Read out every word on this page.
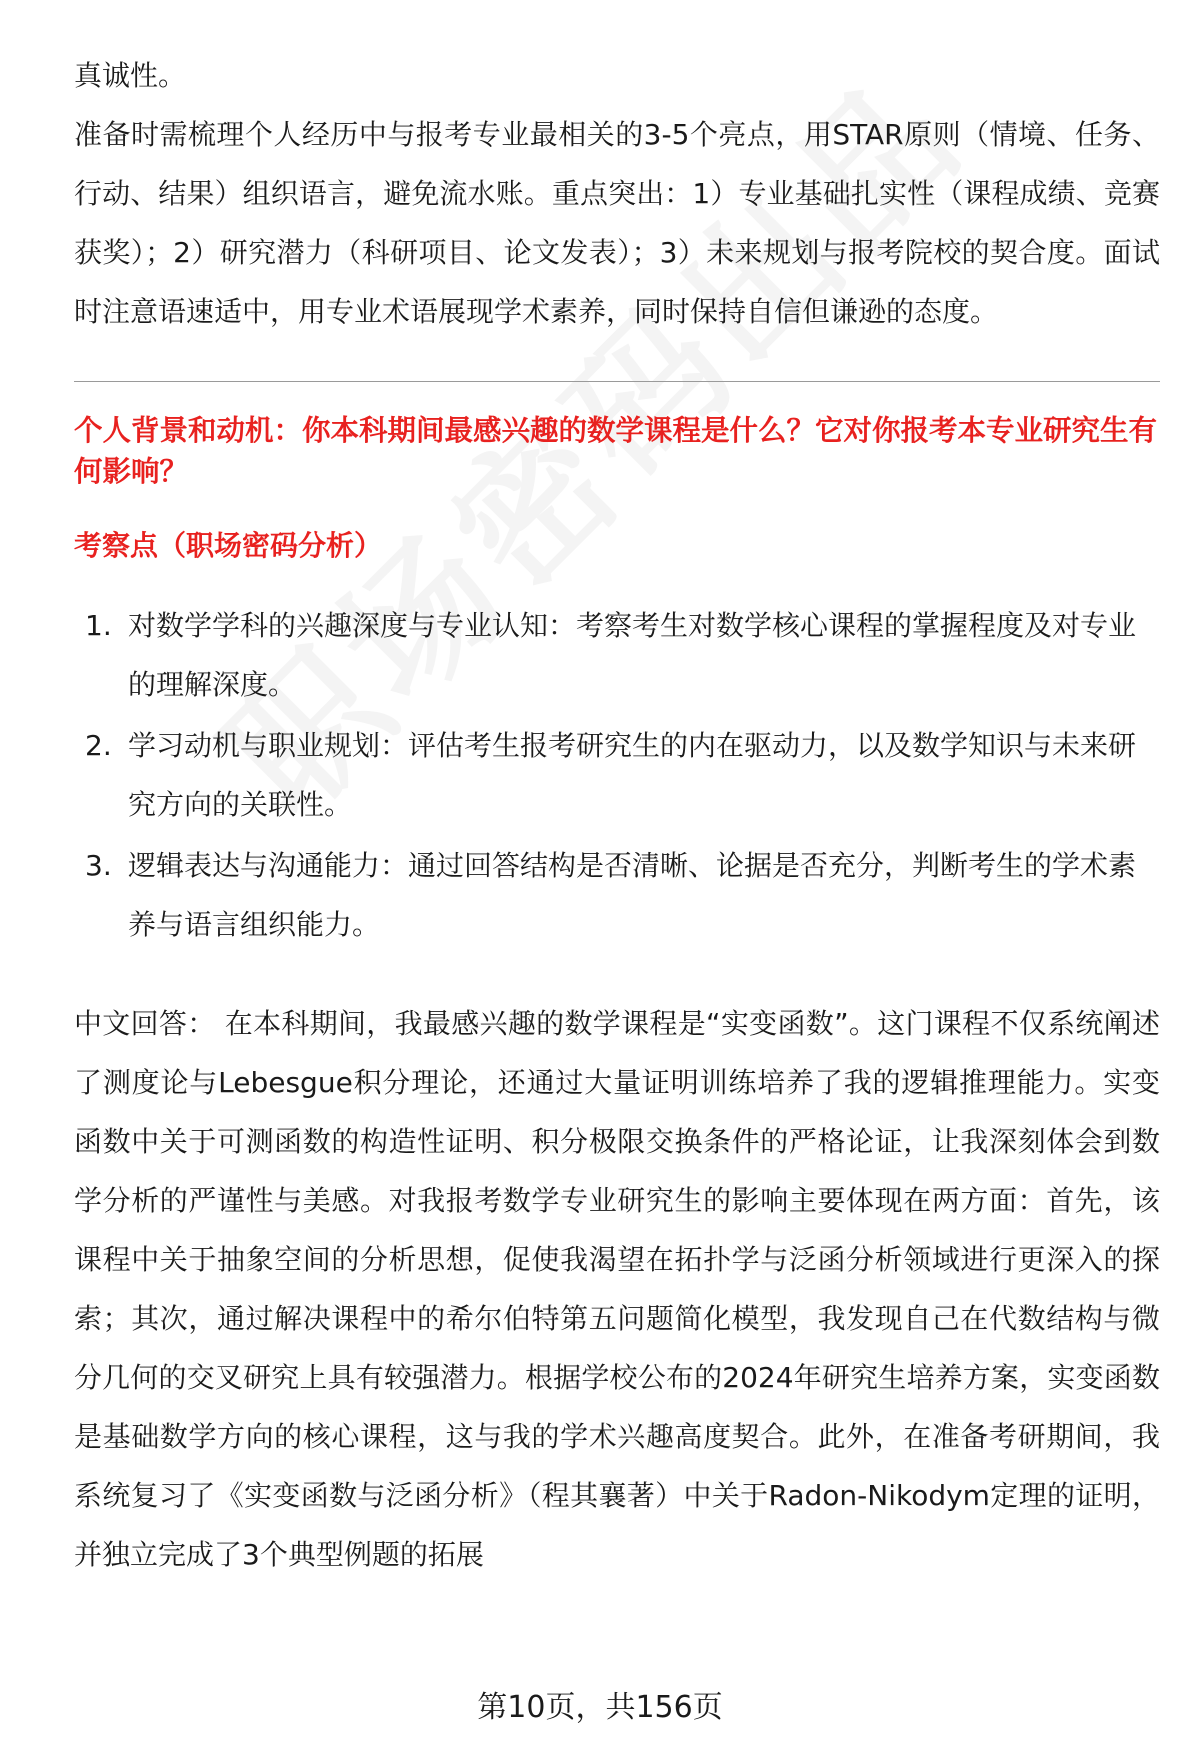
真诚性。

准备时需梳理个人经历中与报考专业最相关的3-5个亮点，用STAR原则（情境、任务、行动、结果）组织语言，避免流水账。重点突出：1）专业基础扎实性（课程成绩、竞赛获奖）；2）研究潜力（科研项目、论文发表）；3）未来规划与报考院校的契合度。面试时注意语速适中，用专业术语展现学术素养，同时保持自信但谦逊的态度。

个人背景和动机：你本科期间最感兴趣的数学课程是什么？它对你报考本专业研究生有何影响？
考察点（职场密码分析）
1. 对数学学科的兴趣深度与专业认知：考察考生对数学核心课程的掌握程度及对专业的理解深度。
2. 学习动机与职业规划：评估考生报考研究生的内在驱动力，以及数学知识与未来研究方向的关联性。
3. 逻辑表达与沟通能力：通过回答结构是否清晰、论据是否充分，判断考生的学术素养与语言组织能力。

中文回答： 在本科期间，我最感兴趣的数学课程是“实变函数”。这门课程不仅系统阐述了测度论与Lebesgue积分理论，还通过大量证明训练培养了我的逻辑推理能力。实变函数中关于可测函数的构造性证明、积分极限交换条件的严格论证，让我深刻体会到数学分析的严谨性与美感。对我报考数学专业研究生的影响主要体现在两方面：首先，该课程中关于抽象空间的分析思想，促使我渴望在拓扑学与泛函分析领域进行更深入的探索；其次，通过解决课程中的希尔伯特第五问题简化模型，我发现自己在代数结构与微分几何的交叉研究上具有较强潜力。根据学校公布的2024年研究生培养方案，实变函数是基础数学方向的核心课程，这与我的学术兴趣高度契合。此外，在准备考研期间，我系统复习了《实变函数与泛函分析》（程其襄著）中关于Radon-Nikodym定理的证明，并独立完成了3个典型例题的拓展

第10页，共156页
